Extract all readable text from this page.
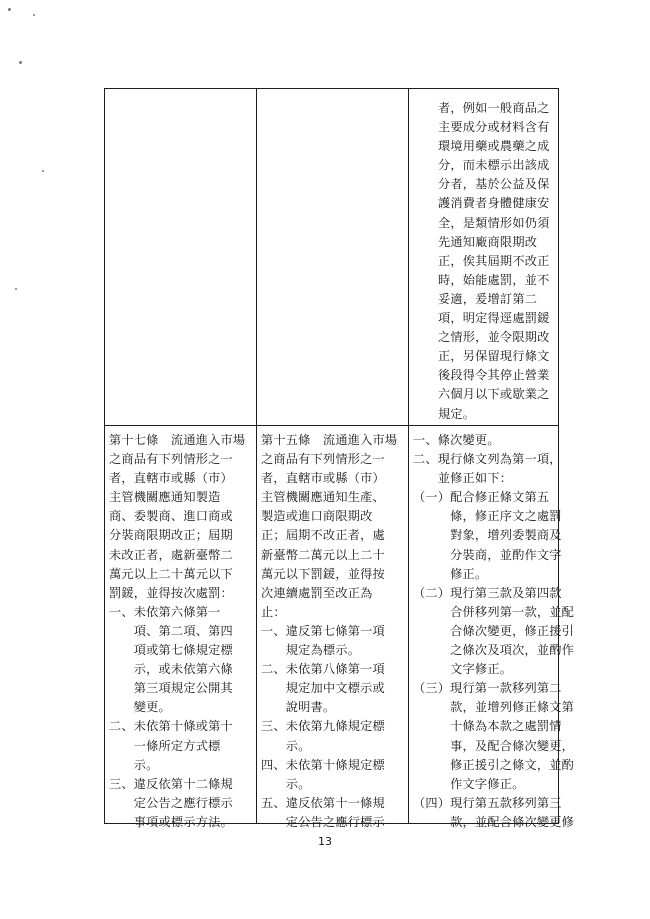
者，例如一般商品之
主要成分或材料含有
環境用藥或農藥之成
分，而未標示出該成
分者，基於公益及保
護消費者身體健康安
全，是類情形如仍須
先通知廠商限期改
正，俟其屆期不改正
時，始能處罰，並不
妥適，爰增訂第二
項，明定得逕處罰鍰
之情形，並令限期改
正，另保留現行條文
後段得令其停止營業
六個月以下或歇業之
規定。
第十七條　流通進入市場
之商品有下列情形之一
者，直轄市或縣（市）
主管機關應通知製造
商、委製商、進口商或
分裝商限期改正；屆期
未改正者，處新臺幣二
萬元以上二十萬元以下
罰鍰，並得按次處罰：
一、未依第六條第一
　　項、第二項、第四
　　項或第七條規定標
　　示，或未依第六條
　　第三項規定公開其
　　變更。
二、未依第十條或第十
　　一條所定方式標
　　示。
三、違反依第十二條規
　　定公告之應行標示
　　事項或標示方法。
第十五條　流通進入市場
之商品有下列情形之一
者，直轄市或縣（市）
主管機關應通知生產、
製造或進口商限期改
正；屆期不改正者，處
新臺幣二萬元以上二十
萬元以下罰鍰，並得按
次連續處罰至改正為
止：
一、違反第七條第一項
　　規定為標示。
二、未依第八條第一項
　　規定加中文標示或
　　說明書。
三、未依第九條規定標
　　示。
四、未依第十條規定標
　　示。
五、違反依第十一條規
　　定公告之應行標示
一、條次變更。
二、現行條文列為第一項，
　　並修正如下：
（一）配合修正條文第五
　　　條，修正序文之處罰
　　　對象，增列委製商及
　　　分裝商，並酌作文字
　　　修正。
（二）現行第三款及第四款
　　　合併移列第一款，並配
　　　合條次變更，修正援引
　　　之條次及項次，並酌作
　　　文字修正。
（三）現行第一款移列第二
　　　款，並增列修正條文第
　　　十條為本款之處罰情
　　　事，及配合條次變更，
　　　修正援引之條文，並酌
　　　作文字修正。
（四）現行第五款移列第三
　　　款，並配合條次變更修
13
